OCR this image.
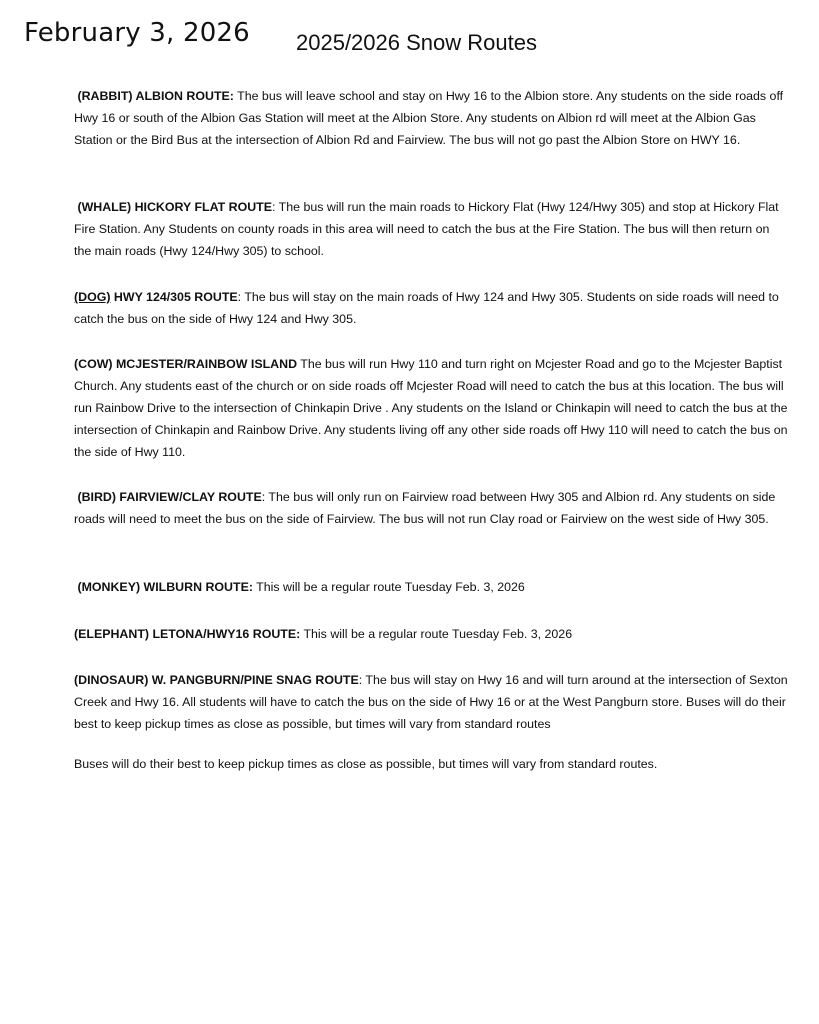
February 3, 2026 2025/2026 Snow Routes

(RABBIT) ALBION ROUTE: The bus will leave school and stay on Hwy 16 to the Albion store. Any students on the side roads off Hwy 16 or south of the Albion Gas Station will meet at the Albion Store. Any students on Albion rd will meet at the Albion Gas Station or the Bird Bus at the intersection of Albion Rd and Fairview. The bus will not go past the Albion Store on HWY 16.

(WHALE) HICKORY FLAT ROUTE: The bus will run the main roads to Hickory Flat (Hwy 124/Hwy 305) and stop at Hickory Flat Fire Station. Any Students on county roads in this area will need to catch the bus at the Fire Station. The bus will then return on the main roads (Hwy 124/Hwy 305) to school.

(DOG) HWY 124/305 ROUTE: The bus will stay on the main roads of Hwy 124 and Hwy 305. Students on side roads will need to catch the bus on the side of Hwy 124 and Hwy 305.

(COW) MCJESTER/RAINBOW ISLAND The bus will run Hwy 110 and turn right on Mcjester Road and go to the Mcjester Baptist Church. Any students east of the church or on side roads off Mcjester Road will need to catch the bus at this location. The bus will run Rainbow Drive to the intersection of Chinkapin Drive . Any students on the Island or Chinkapin will need to catch the bus at the intersection of Chinkapin and Rainbow Drive. Any students living off any other side roads off Hwy 110 will need to catch the bus on the side of Hwy 110.

(BIRD) FAIRVIEW/CLAY ROUTE: The bus will only run on Fairview road between Hwy 305 and Albion rd. Any students on side roads will need to meet the bus on the side of Fairview. The bus will not run Clay road or Fairview on the west side of Hwy 305.

(MONKEY) WILBURN ROUTE: This will be a regular route Tuesday Feb. 3, 2026

(ELEPHANT) LETONA/HWY16 ROUTE: This will be a regular route Tuesday Feb. 3, 2026

(DINOSAUR) W. PANGBURN/PINE SNAG ROUTE: The bus will stay on Hwy 16 and will turn around at the intersection of Sexton Creek and Hwy 16. All students will have to catch the bus on the side of Hwy 16 or at the West Pangburn store. Buses will do their best to keep pickup times as close as possible, but times will vary from standard routes

Buses will do their best to keep pickup times as close as possible, but times will vary from standard routes.
